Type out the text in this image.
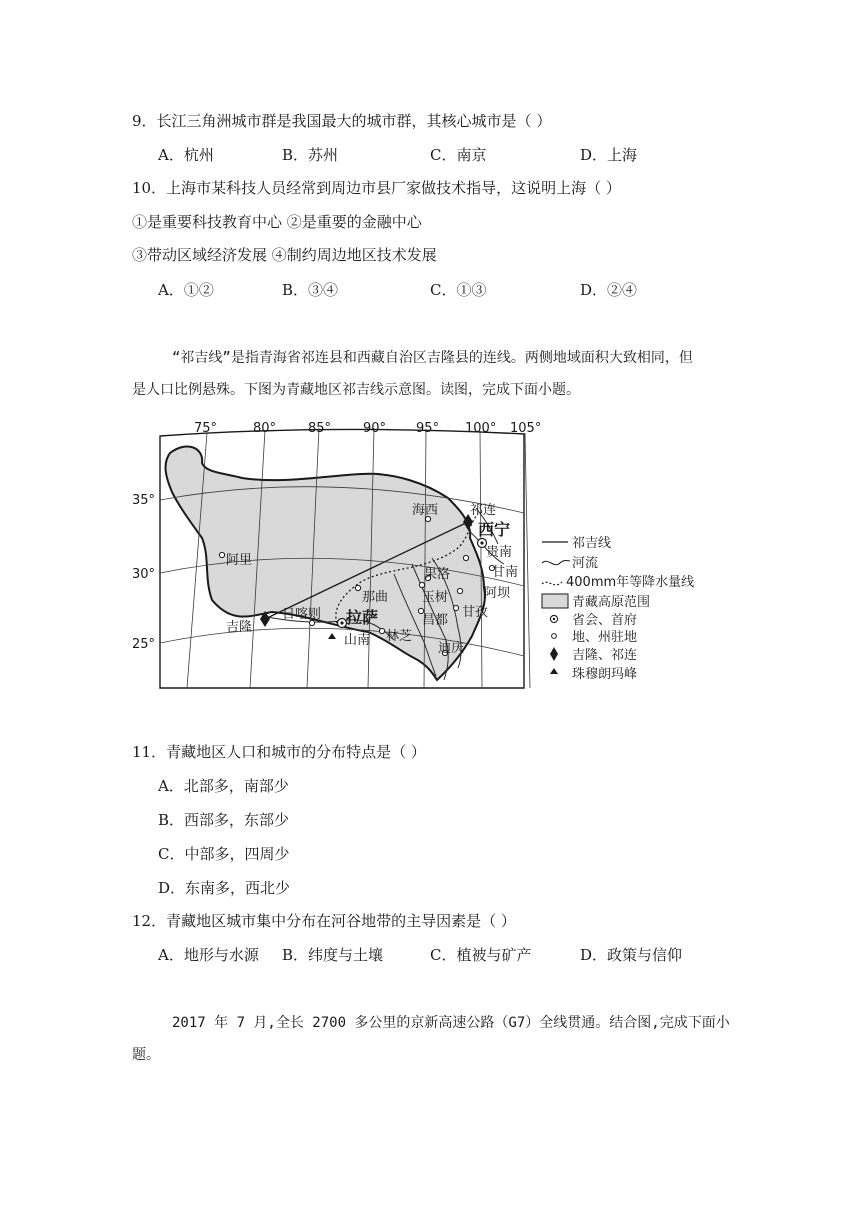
9．长江三角洲城市群是我国最大的城市群，其核心城市是（ ）
A．杭州	B．苏州	C．南京	D．上海
10．上海市某科技人员经常到周边市县厂家做技术指导，这说明上海（ ）
①是重要科技教育中心 ②是重要的金融中心
③带动区域经济发展 ④制约周边地区技术发展
A．①②	B．③④	C．①③	D．②④
“祁吉线”是指青海省祁连县和西藏自治区吉隆县的连线。两侧地域面积大致相同，但
是人口比例悬殊。下图为青藏地区祁吉线示意图。读图，完成下面小题。
75°	80° 85° 90° 95° 100° 105°
35°
30°
25°
海西 祁连
西宁
贵南
甘南
阿坝
甘孜
果洛
玉树
那曲
昌都
阿里
日喀则 拉萨
吉隆
山南 林芝
迪庆
祁吉线
河流
400mm年等降水量线
青藏高原范围
省会、首府
地、州驻地
吉隆、祁连
珠穆朗玛峰
11．青藏地区人口和城市的分布特点是（ ）
A．北部多，南部少
B．西部多，东部少
C．中部多，四周少
D．东南多，西北少
12．青藏地区城市集中分布在河谷地带的主导因素是（ ）
A．地形与水源 B．纬度与土壤	C．植被与矿产	D．政策与信仰
2017 年 7 月,全长 2700 多公里的京新高速公路（G7）全线贯通。结合图,完成下面小
题。
